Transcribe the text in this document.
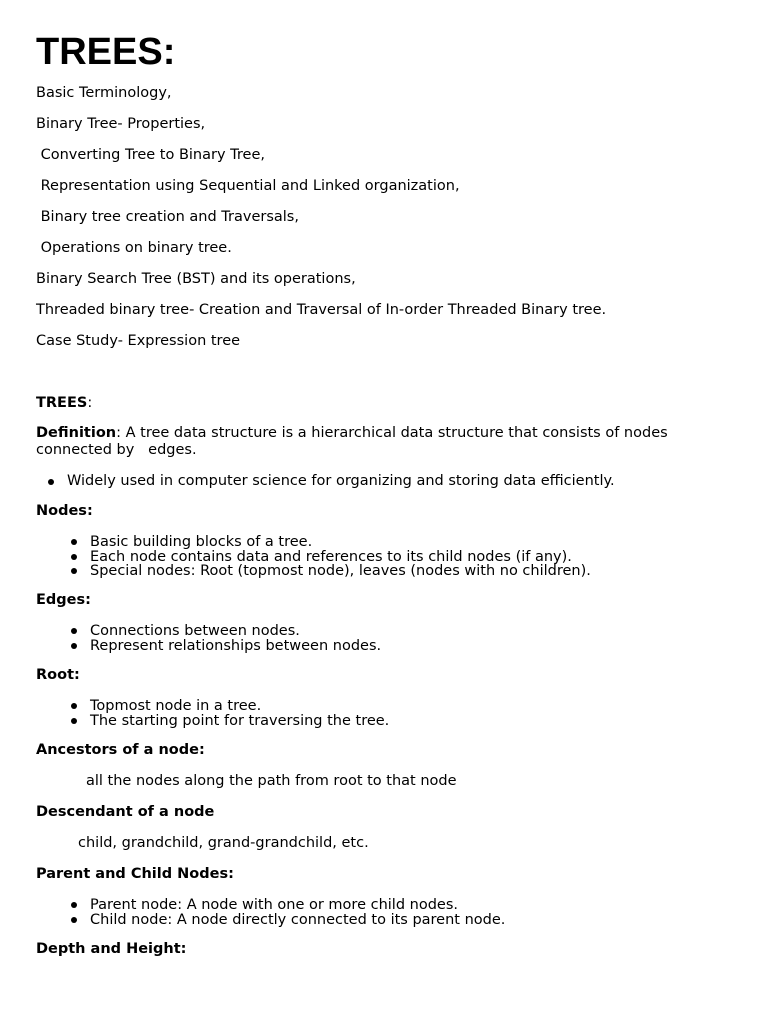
TREES:

Basic Terminology,

Binary Tree- Properties,

Converting Tree to Binary Tree,

Representation using Sequential and Linked organization,

Binary tree creation and Traversals,

Operations on binary tree.

Binary Search Tree (BST) and its operations,

Threaded binary tree- Creation and Traversal of In-order Threaded Binary tree.

Case Study- Expression tree

TREES:

Definition: A tree data structure is a hierarchical data structure that consists of nodes connected by   edges.

Widely used in computer science for organizing and storing data efficiently.

Nodes:

Basic building blocks of a tree.
Each node contains data and references to its child nodes (if any).
Special nodes: Root (topmost node), leaves (nodes with no children).

Edges:

Connections between nodes.
Represent relationships between nodes.

Root:

Topmost node in a tree.
The starting point for traversing the tree.

Ancestors of a node:

all the nodes along the path from root to that node

Descendant of a node

child, grandchild, grand-grandchild, etc.

Parent and Child Nodes:

Parent node: A node with one or more child nodes.
Child node: A node directly connected to its parent node.

Depth and Height:
